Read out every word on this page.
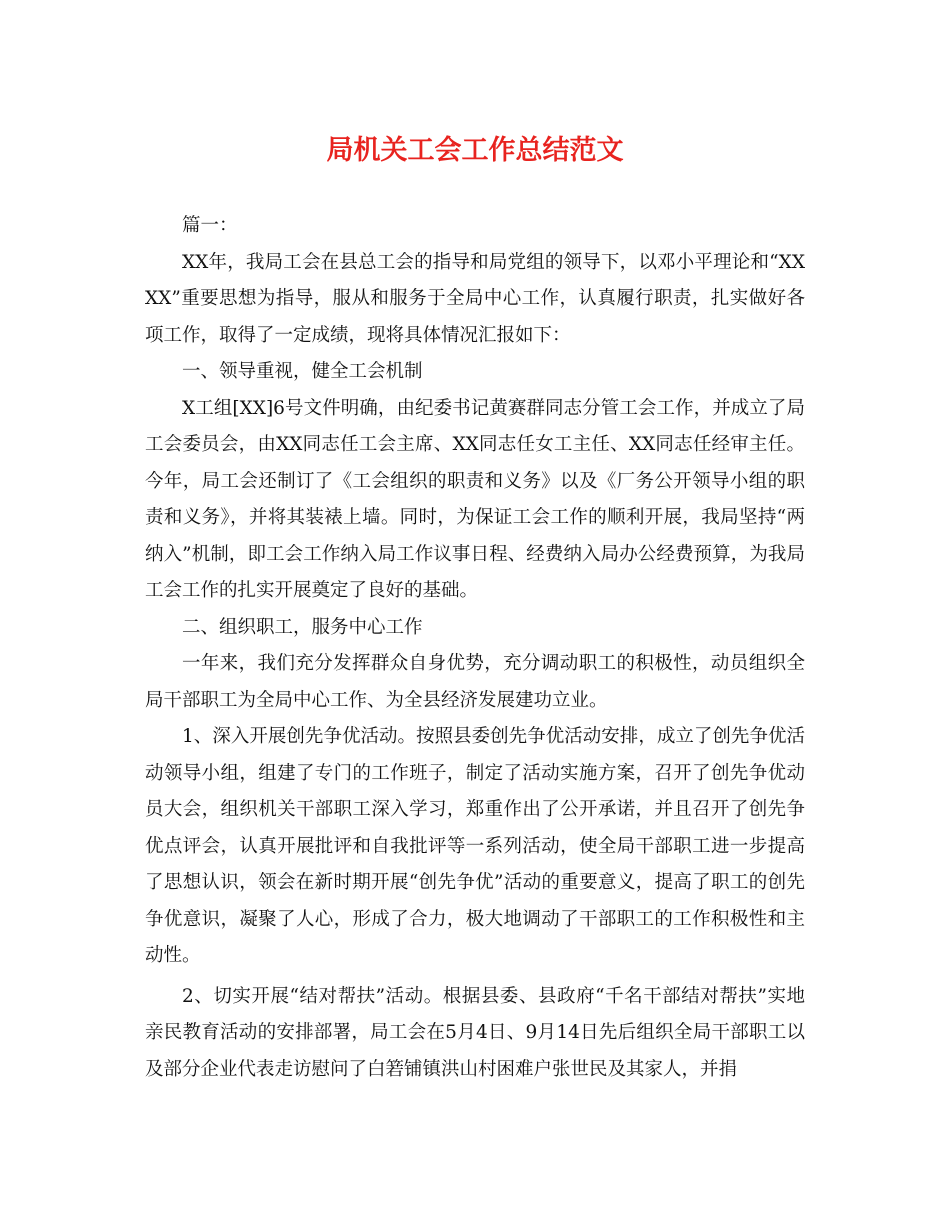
局机关工会工作总结范文

篇一：

XX年，我局工会在县总工会的指导和局党组的领导下，以邓小平理论和“XXXX”重要思想为指导，服从和服务于全局中心工作，认真履行职责，扎实做好各项工作，取得了一定成绩，现将具体情况汇报如下：

一、领导重视，健全工会机制

X工组[XX]6号文件明确，由纪委书记黄赛群同志分管工会工作，并成立了局工会委员会，由XX同志任工会主席、XX同志任女工主任、XX同志任经审主任。今年，局工会还制订了《工会组织的职责和义务》以及《厂务公开领导小组的职责和义务》，并将其装裱上墙。同时，为保证工会工作的顺利开展，我局坚持“两纳入”机制，即工会工作纳入局工作议事日程、经费纳入局办公经费预算，为我局工会工作的扎实开展奠定了良好的基础。

二、组织职工，服务中心工作

一年来，我们充分发挥群众自身优势，充分调动职工的积极性，动员组织全局干部职工为全局中心工作、为全县经济发展建功立业。

1、深入开展创先争优活动。按照县委创先争优活动安排，成立了创先争优活动领导小组，组建了专门的工作班子，制定了活动实施方案，召开了创先争优动员大会，组织机关干部职工深入学习，郑重作出了公开承诺，并且召开了创先争优点评会，认真开展批评和自我批评等一系列活动，使全局干部职工进一步提高了思想认识，领会在新时期开展“创先争优”活动的重要意义，提高了职工的创先争优意识，凝聚了人心，形成了合力，极大地调动了干部职工的工作积极性和主动性。

2、切实开展“结对帮扶”活动。根据县委、县政府“千名干部结对帮扶”实地亲民教育活动的安排部署，局工会在5月4日、9月14日先后组织全局干部职工以及部分企业代表走访慰问了白箬铺镇洪山村困难户张世民及其家人，并捐
